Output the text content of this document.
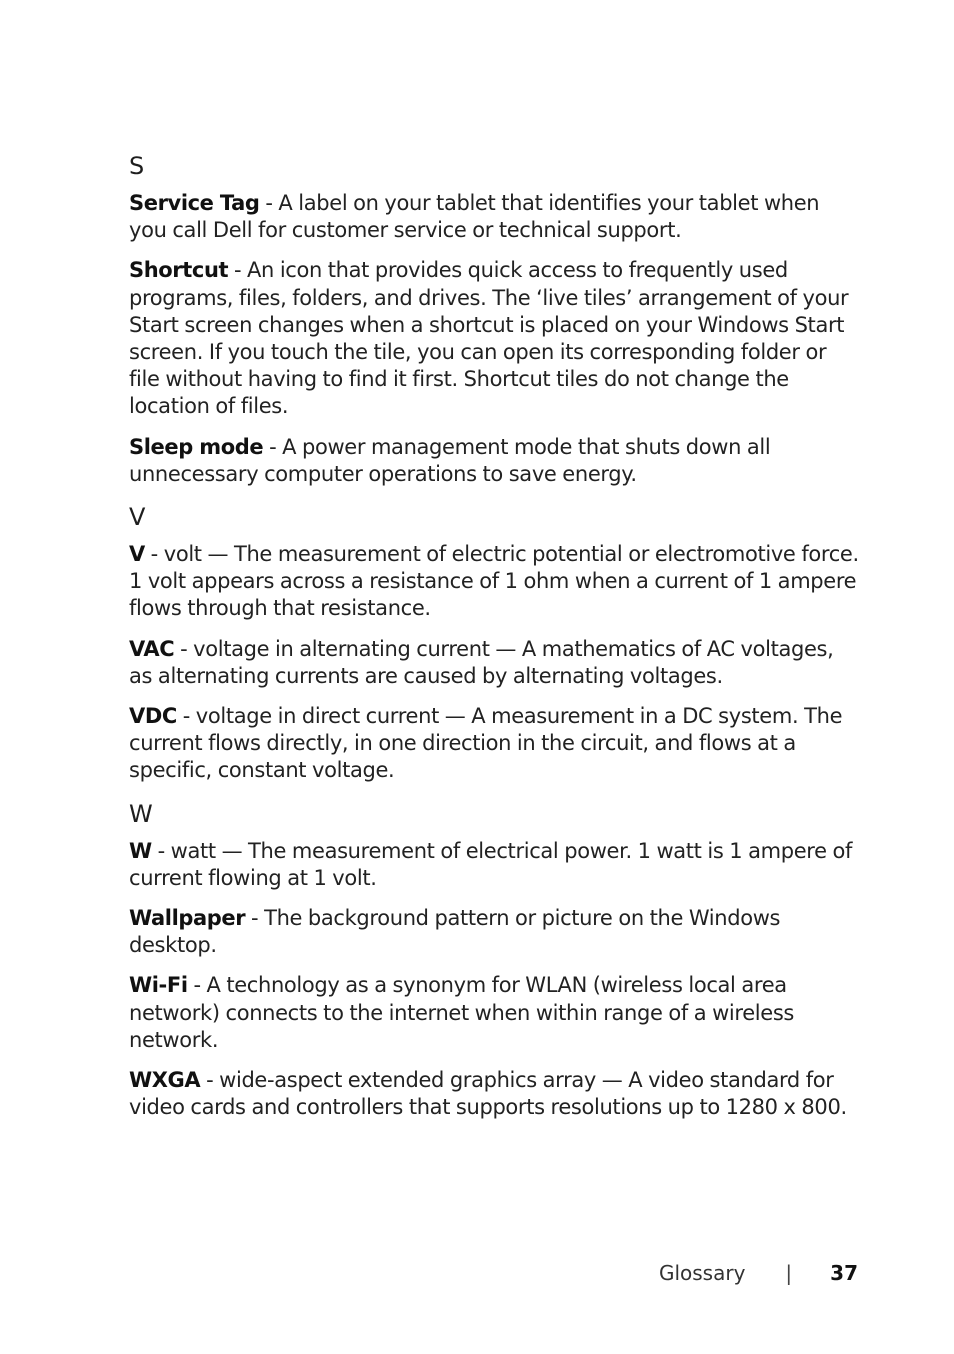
S

Service Tag - A label on your tablet that identifies your tablet when you call Dell for customer service or technical support.

Shortcut - An icon that provides quick access to frequently used programs, files, folders, and drives. The ‘live tiles’ arrangement of your Start screen changes when a shortcut is placed on your Windows Start screen. If you touch the tile, you can open its corresponding folder or file without having to find it first. Shortcut tiles do not change the location of files.

Sleep mode - A power management mode that shuts down all unnecessary computer operations to save energy.

V

V - volt — The measurement of electric potential or electromotive force. 1 volt appears across a resistance of 1 ohm when a current of 1 ampere flows through that resistance.

VAC - voltage in alternating current — A mathematics of AC voltages, as alternating currents are caused by alternating voltages.

VDC - voltage in direct current — A measurement in a DC system. The current flows directly, in one direction in the circuit, and flows at a specific, constant voltage.

W

W - watt — The measurement of electrical power. 1 watt is 1 ampere of current flowing at 1 volt.

Wallpaper - The background pattern or picture on the Windows desktop.

Wi-Fi - A technology as a synonym for WLAN (wireless local area network) connects to the internet when within range of a wireless network.

WXGA - wide-aspect extended graphics array — A video standard for video cards and controllers that supports resolutions up to 1280 x 800.

Glossary | 37
